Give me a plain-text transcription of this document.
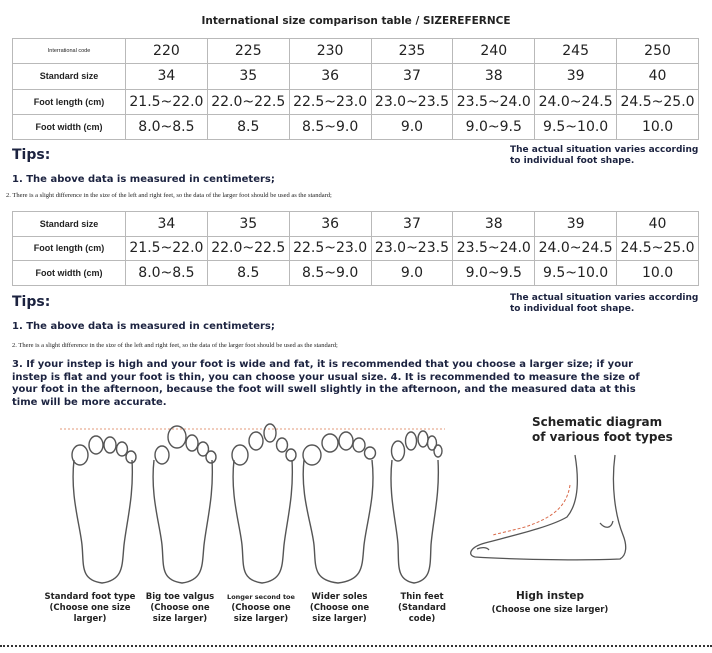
International size comparison table / SIZEREFERNCE
Interrational code	220	225	230	235	240	245	250
Standard size	34	35	36	37	38	39	40
Foot length (cm)	21.5~22.0	22.0~22.5	22.5~23.0	23.0~23.5	23.5~24.0	24.0~24.5	24.5~25.0
Foot width (cm)	8.0~8.5	8.5	8.5~9.0	9.0	9.0~9.5	9.5~10.0	10.0
Tips:	The actual situation varies according to individual foot shape.
1. The above data is measured in centimeters;
2. There is a slight difference in the size of the left and right feet, so the data of the larger foot should be used as the standard;
Standard size	34	35	36	37	38	39	40
Foot length (cm)	21.5~22.0	22.0~22.5	22.5~23.0	23.0~23.5	23.5~24.0	24.0~24.5	24.5~25.0
Foot width (cm)	8.0~8.5	8.5	8.5~9.0	9.0	9.0~9.5	9.5~10.0	10.0
Tips:	The actual situation varies according to individual foot shape.
1. The above data is measured in centimeters;
2. There is a slight difference in the size of the left and right feet, so the data of the larger foot should be used as the standard;
3. If your instep is high and your foot is wide and fat, it is recommended that you choose a larger size; if your instep is flat and your foot is thin, you can choose your usual size. 4. It is recommended to measure the size of your foot in the afternoon, because the foot will swell slightly in the afternoon, and the measured data at this time will be more accurate.
Standard foot type
(Choose one size larger)
Big toe valgus
(Choose one size larger)
Longer second toe
(Choose one size larger)
Wider soles
(Choose one size larger)
Thin feet
(Standard code)
Schematic diagram
of various foot types
High instep
(Choose one size larger)
